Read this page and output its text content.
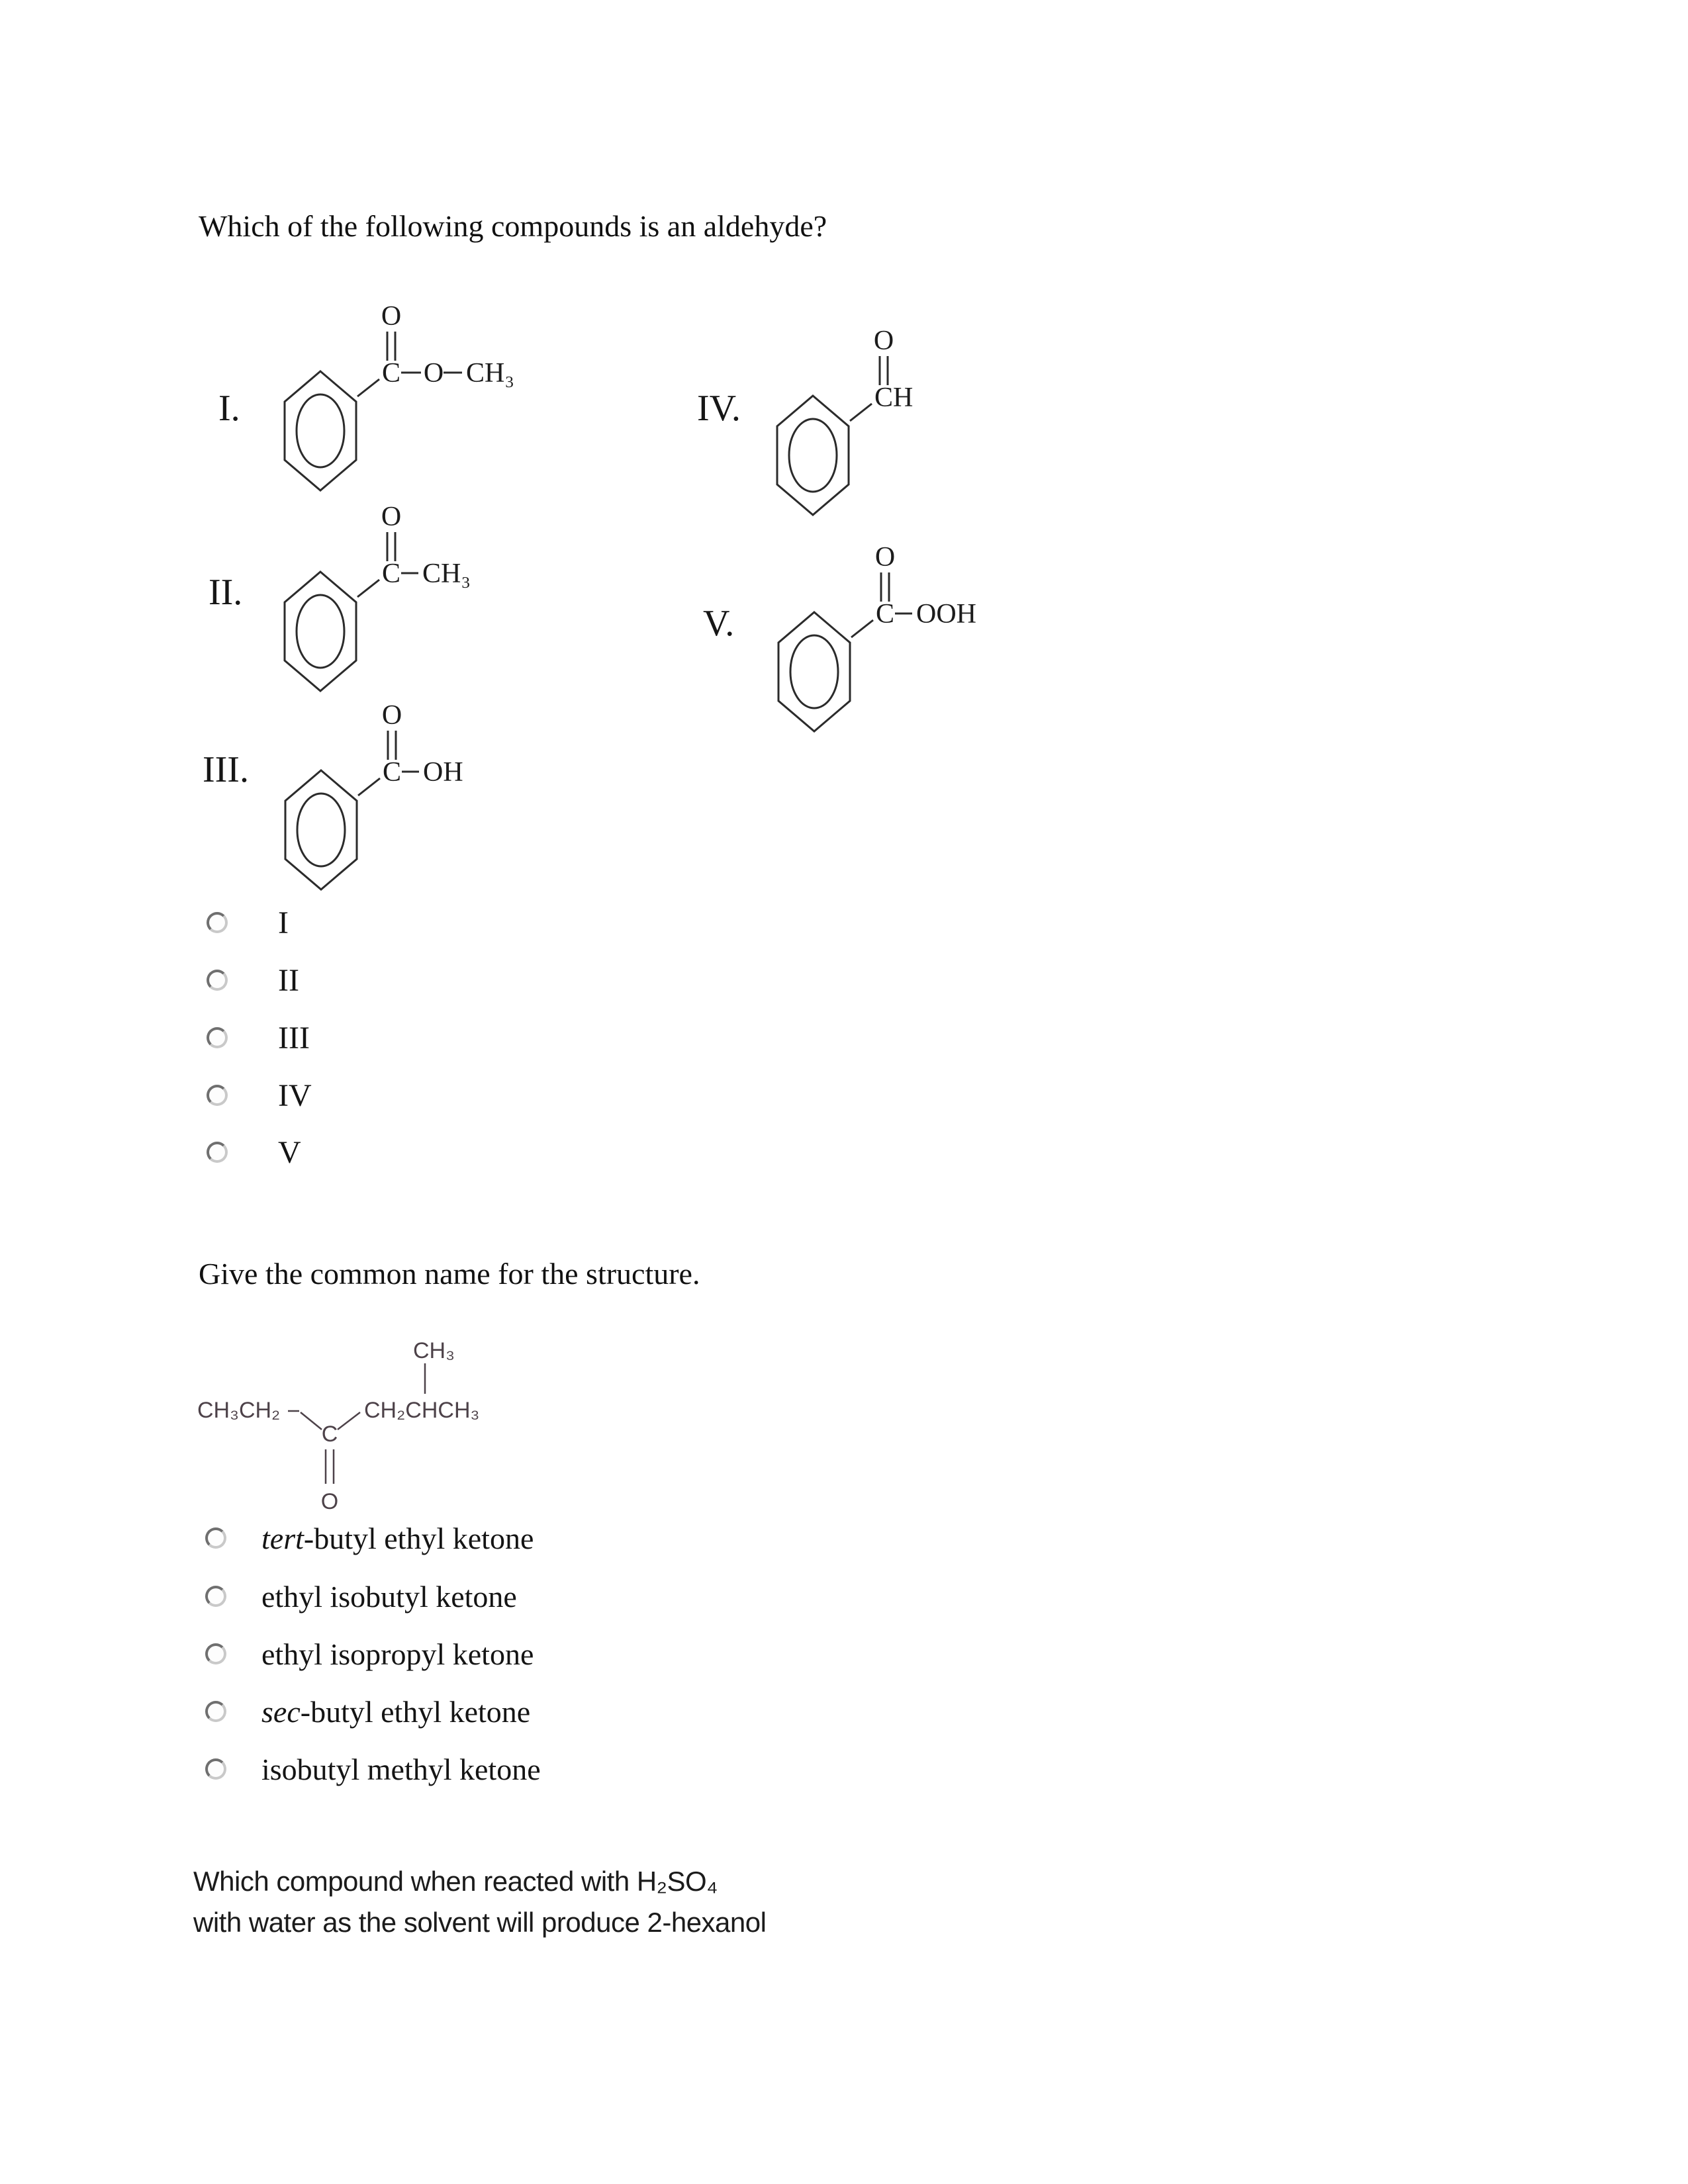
Which of the following compounds is an aldehyde?
I.
O
C O CH₃
IV.
O
CH
II.
O
C CH₃
V.
O
C OOH
III.
O
C OH
I
II
III
IV
V
Give the common name for the structure.
CH₃CH₂
C
O
CH₂CHCH₃
CH₃
tert-butyl ethyl ketone
ethyl isobutyl ketone
ethyl isopropyl ketone
sec-butyl ethyl ketone
isobutyl methyl ketone
Which compound when reacted with H₂SO₄
with water as the solvent will produce 2-hexanol
